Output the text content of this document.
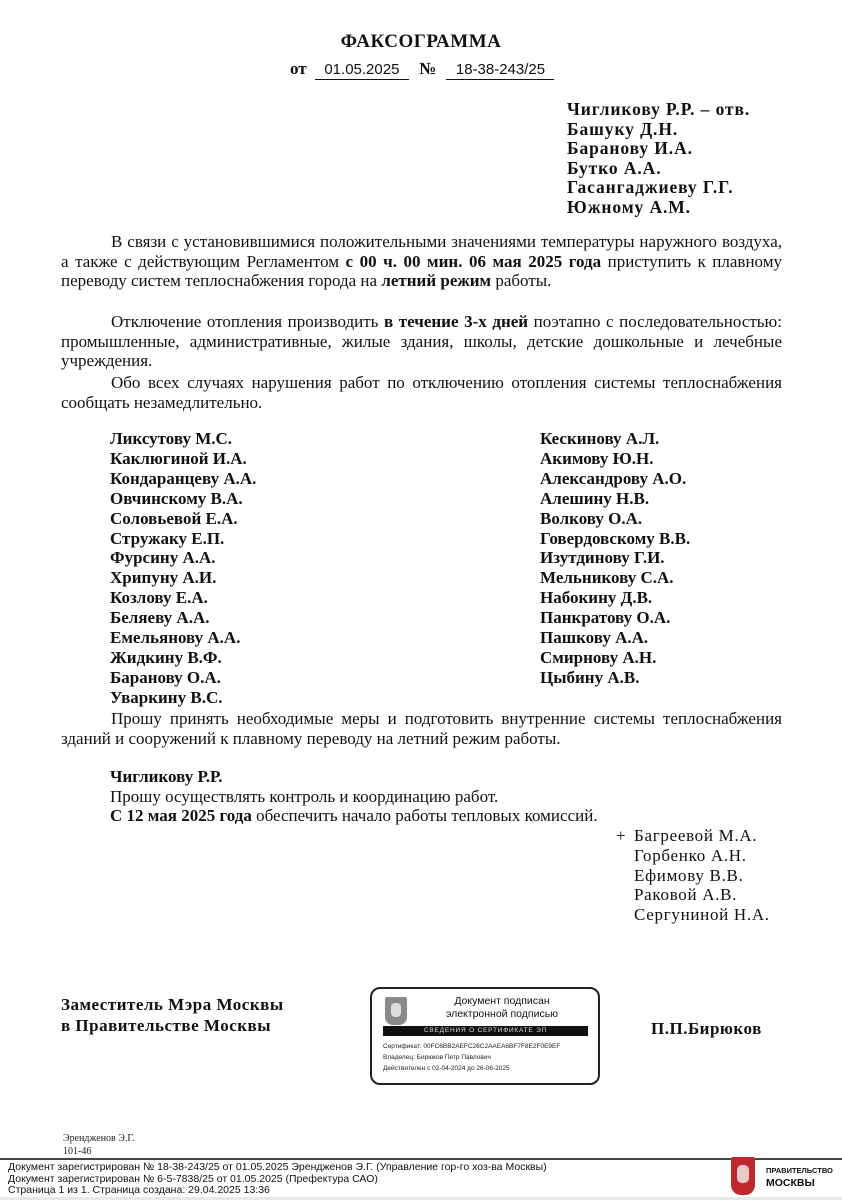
ФАКСОГРАММА
от 01.05.2025 № 18-38-243/25
Чигликову Р.Р. – отв.
Башуку Д.Н.
Баранову И.А.
Бутко А.А.
Гасангаджиеву Г.Г.
Южному А.М.

В связи с установившимися положительными значениями температуры наружного воздуха, а также с действующим Регламентом с 00 ч. 00 мин. 06 мая 2025 года приступить к плавному переводу систем теплоснабжения города на летний режим работы.

Отключение отопления производить в течение 3-х дней поэтапно с последовательностью: промышленные, административные, жилые здания, школы, детские дошкольные и лечебные учреждения.

Обо всех случаях нарушения работ по отключению отопления системы теплоснабжения сообщать незамедлительно.

Ликсутову М.С.
Каклюгиной И.А.
Кондаранцеву А.А.
Овчинскому В.А.
Соловьевой Е.А.
Стружаку Е.П.
Фурсину А.А.
Хрипуну А.И.
Козлову Е.А.
Беляеву А.А.
Емельянову А.А.
Жидкину В.Ф.
Баранову О.А.
Уваркину В.С.
Кескинову А.Л.
Акимову Ю.Н.
Александрову А.О.
Алешину Н.В.
Волкову О.А.
Говердовскому В.В.
Изутдинову Г.И.
Мельникову С.А.
Набокину Д.В.
Панкратову О.А.
Пашкову А.А.
Смирнову А.Н.
Цыбину А.В.

Прошу принять необходимые меры и подготовить внутренние системы теплоснабжения зданий и сооружений к плавному переводу на летний режим работы.

Чигликову Р.Р.
Прошу осуществлять контроль и координацию работ.
С 12 мая 2025 года обеспечить начало работы тепловых комиссий.
+ Багреевой М.А.
Горбенко А.Н.
Ефимову В.В.
Раковой А.В.
Сергуниной Н.А.
Заместитель Мэра Москвы
в Правительстве Москвы
Документ подписан
электронной подписью
СВЕДЕНИЯ О СЕРТИФИКАТЕ ЭП
Сертификат: 00FC6BB2AEFC26C2AAEA6BF7F8E2F0E9EF
Владелец: Бирюков Петр Павлович
Действителен с 02-04-2024 до 26-06-2025
П.П.Бирюков
Эрендженов Э.Г.
101-46
Документ зарегистрирован № 18-38-243/25 от 01.05.2025 Эрендженов Э.Г. (Управление гор-го хоз-ва Москвы)
Документ зарегистрирован № 6-5-7838/25 от 01.05.2025 (Префектура САО)
Страница 1 из 1. Страница создана: 29.04.2025 13:36
ПРАВИТЕЛЬСТВО
МОСКВЫ
